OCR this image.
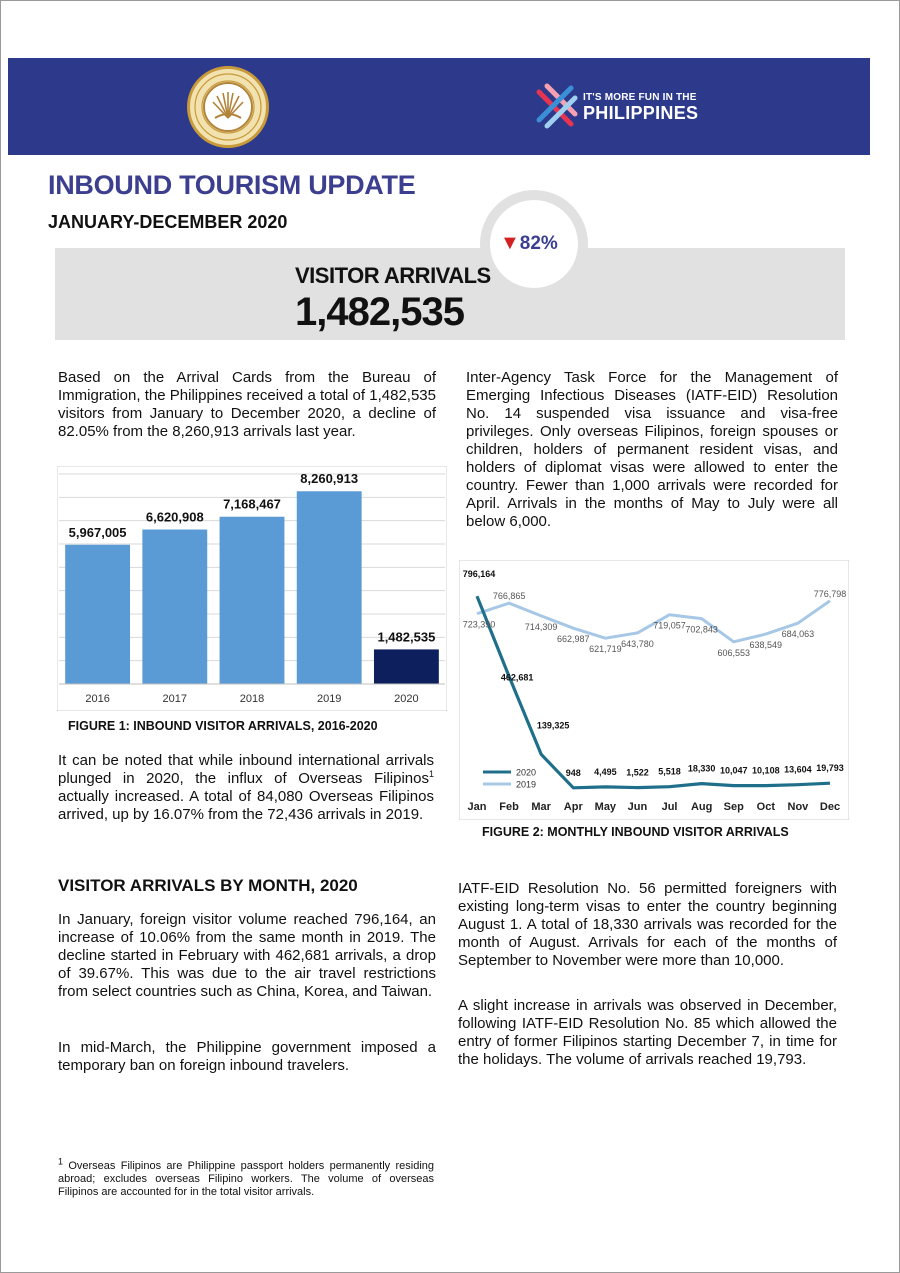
IT'S MORE FUN IN THE
PHILIPPINES
INBOUND TOURISM UPDATE
JANUARY-DECEMBER 2020
▼82%
VISITOR ARRIVALS
1,482,535
Based on the Arrival Cards from the Bureau of Immigration, the Philippines received a total of 1,482,535 visitors from January to December 2020, a decline of 82.05% from the 8,260,913 arrivals last year.
Inter-Agency Task Force for the Management of Emerging Infectious Diseases (IATF-EID) Resolution No. 14 suspended visa issuance and visa-free privileges. Only overseas Filipinos, foreign spouses or children, holders of permanent resident visas, and holders of diplomat visas were allowed to enter the country. Fewer than 1,000 arrivals were recorded for April. Arrivals in the months of May to July were all below 6,000.
5,967,005
2016
6,620,908
2017
7,168,467
2018
8,260,913
2019
1,482,535
2020
FIGURE 1: INBOUND VISITOR ARRIVALS, 2016-2020
It can be noted that while inbound international arrivals plunged in 2020, the influx of Overseas Filipinos$^1$ actually increased. A total of 84,080 Overseas Filipinos arrived, up by 16.07% from the 72,436 arrivals in 2019.
723,390
766,865
714,309
662,987
621,719
643,780
719,057 702,843
606,553
638,549
684,063
776,798
796,164
462,681
139,325
948 4,495 1,522 5,518 18,330 10,047 10,108 13,604 19,793
Jan Feb Mar Apr May Jun Jul Aug Sep Oct Nov Dec
2020
2019
FIGURE 2: MONTHLY INBOUND VISITOR ARRIVALS
VISITOR ARRIVALS BY MONTH, 2020
In January, foreign visitor volume reached 796,164, an increase of 10.06% from the same month in 2019. The decline started in February with 462,681 arrivals, a drop of 39.67%. This was due to the air travel restrictions from select countries such as China, Korea, and Taiwan.
In mid-March, the Philippine government imposed a temporary ban on foreign inbound travelers.
IATF-EID Resolution No. 56 permitted foreigners with existing long-term visas to enter the country beginning August 1. A total of 18,330 arrivals was recorded for the month of August. Arrivals for each of the months of September to November were more than 10,000.
A slight increase in arrivals was observed in December, following IATF-EID Resolution No. 85 which allowed the entry of former Filipinos starting December 7, in time for the holidays. The volume of arrivals reached 19,793.
$^1$ Overseas Filipinos are Philippine passport holders permanently residing abroad; excludes overseas Filipino workers. The volume of overseas Filipinos are accounted for in the total visitor arrivals.
